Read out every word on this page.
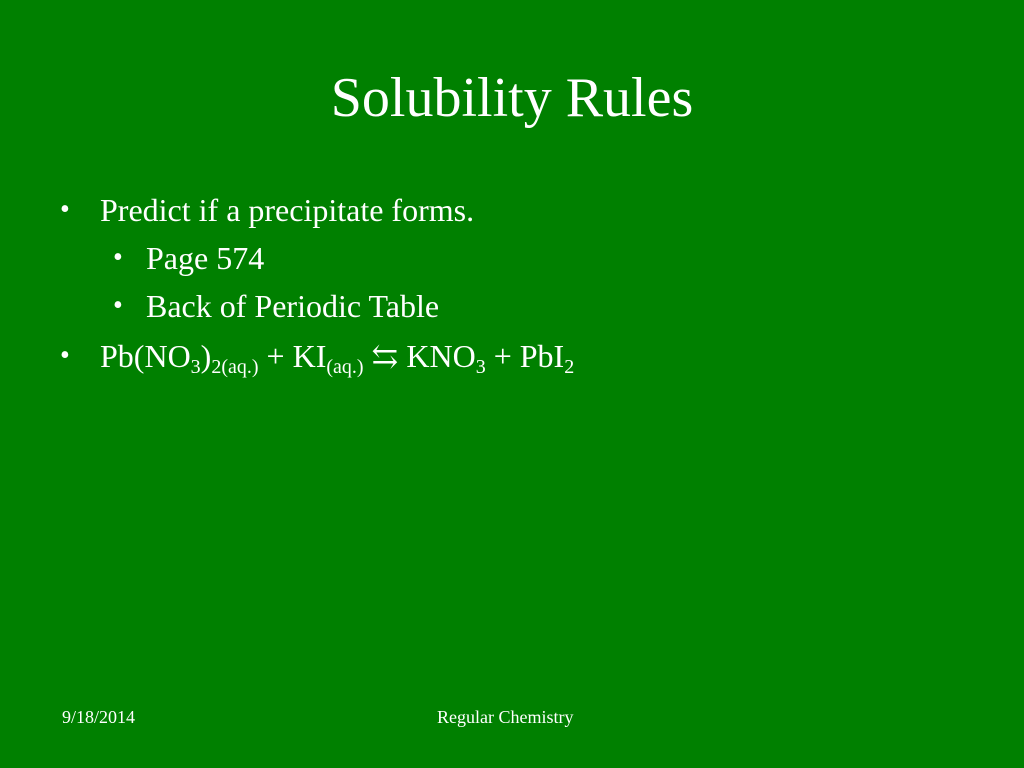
Solubility Rules
• Predict if a precipitate forms.
• Page 574
• Back of Periodic Table
• $Pb(NO_3)_{2(aq.)} + KI_{(aq.)}$ ⇆ $KNO_3 + PbI_2$
9/18/2014	Regular Chemistry
